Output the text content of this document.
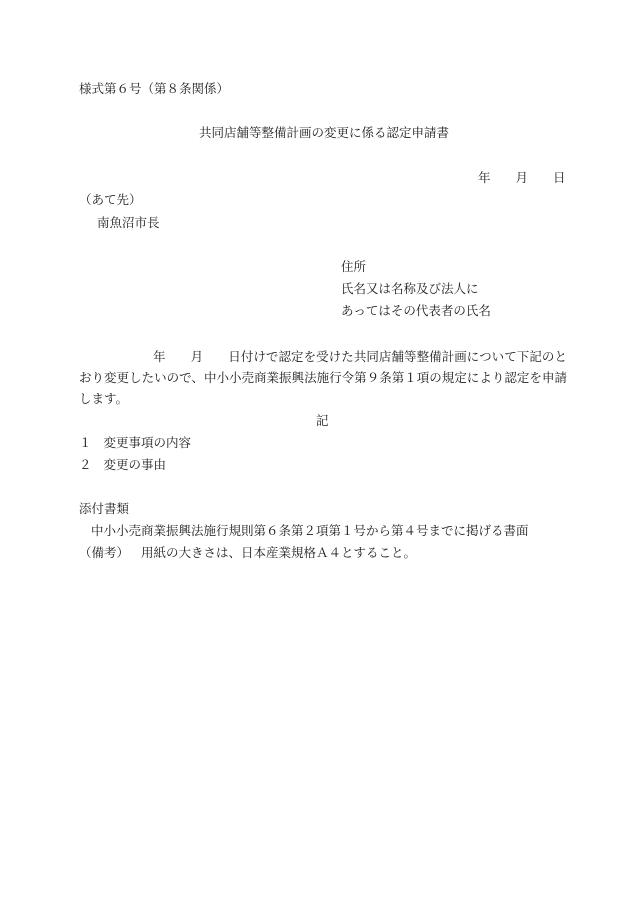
様式第６号（第８条関係）
共同店舗等整備計画の変更に係る認定申請書
年 月 日
（あて先）
南魚沼市長
住所
氏名又は名称及び法人に
あってはその代表者の氏名
年 月 日付けで認定を受けた共同店舗等整備計画について下記のとおり変更したいので、中小小売商業振興法施行令第９条第１項の規定により認定を申請します。
記
１ 変更事項の内容
２ 変更の事由
添付書類
中小小売商業振興法施行規則第６条第２項第１号から第４号までに掲げる書面
（備考） 用紙の大きさは、日本産業規格Ａ４とすること。
